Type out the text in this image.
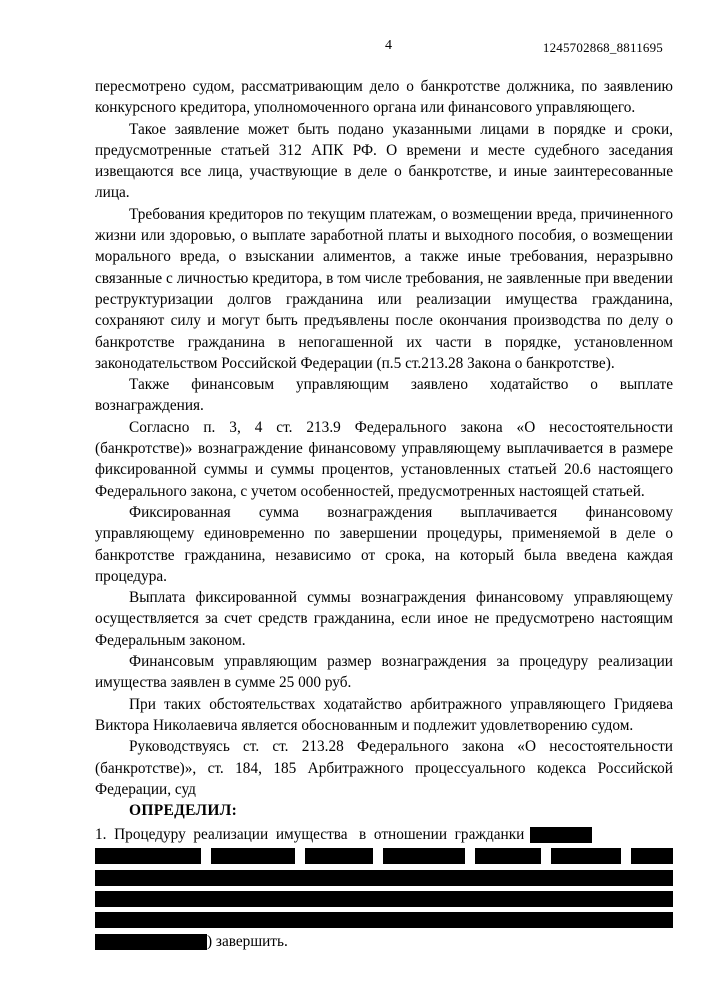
4	1245702868_8811695

пересмотрено судом, рассматривающим дело о банкротстве должника, по заявлению конкурсного кредитора, уполномоченного органа или финансового управляющего.

Такое заявление может быть подано указанными лицами в порядке и сроки, предусмотренные статьей 312 АПК РФ. О времени и месте судебного заседания извещаются все лица, участвующие в деле о банкротстве, и иные заинтересованные лица.

Требования кредиторов по текущим платежам, о возмещении вреда, причиненного жизни или здоровью, о выплате заработной платы и выходного пособия, о возмещении морального вреда, о взыскании алиментов, а также иные требования, неразрывно связанные с личностью кредитора, в том числе требования, не заявленные при введении реструктуризации долгов гражданина или реализации имущества гражданина, сохраняют силу и могут быть предъявлены после окончания производства по делу о банкротстве гражданина в непогашенной их части в порядке, установленном законодательством Российской Федерации (п.5 ст.213.28 Закона о банкротстве).

Также финансовым управляющим заявлено ходатайство о выплате вознаграждения.

Согласно п. 3, 4 ст. 213.9 Федерального закона «О несостоятельности (банкротстве)» вознаграждение финансовому управляющему выплачивается в размере фиксированной суммы и суммы процентов, установленных статьей 20.6 настоящего Федерального закона, с учетом особенностей, предусмотренных настоящей статьей.

Фиксированная сумма вознаграждения выплачивается финансовому управляющему единовременно по завершении процедуры, применяемой в деле о банкротстве гражданина, независимо от срока, на который была введена каждая процедура.

Выплата фиксированной суммы вознаграждения финансовому управляющему осуществляется за счет средств гражданина, если иное не предусмотрено настоящим Федеральным законом.

Финансовым управляющим размер вознаграждения за процедуру реализации имущества заявлен в сумме 25 000 руб.

При таких обстоятельствах ходатайство арбитражного управляющего Гридяева Виктора Николаевича является обоснованным и подлежит удовлетворению судом.

Руководствуясь ст. ст. 213.28 Федерального закона «О несостоятельности (банкротстве)», ст. 184, 185 Арбитражного процессуального кодекса Российской Федерации, суд

ОПРЕДЕЛИЛ:

1.  Процедуру  реализации  имущества   в  отношении  гражданки
) завершить.
